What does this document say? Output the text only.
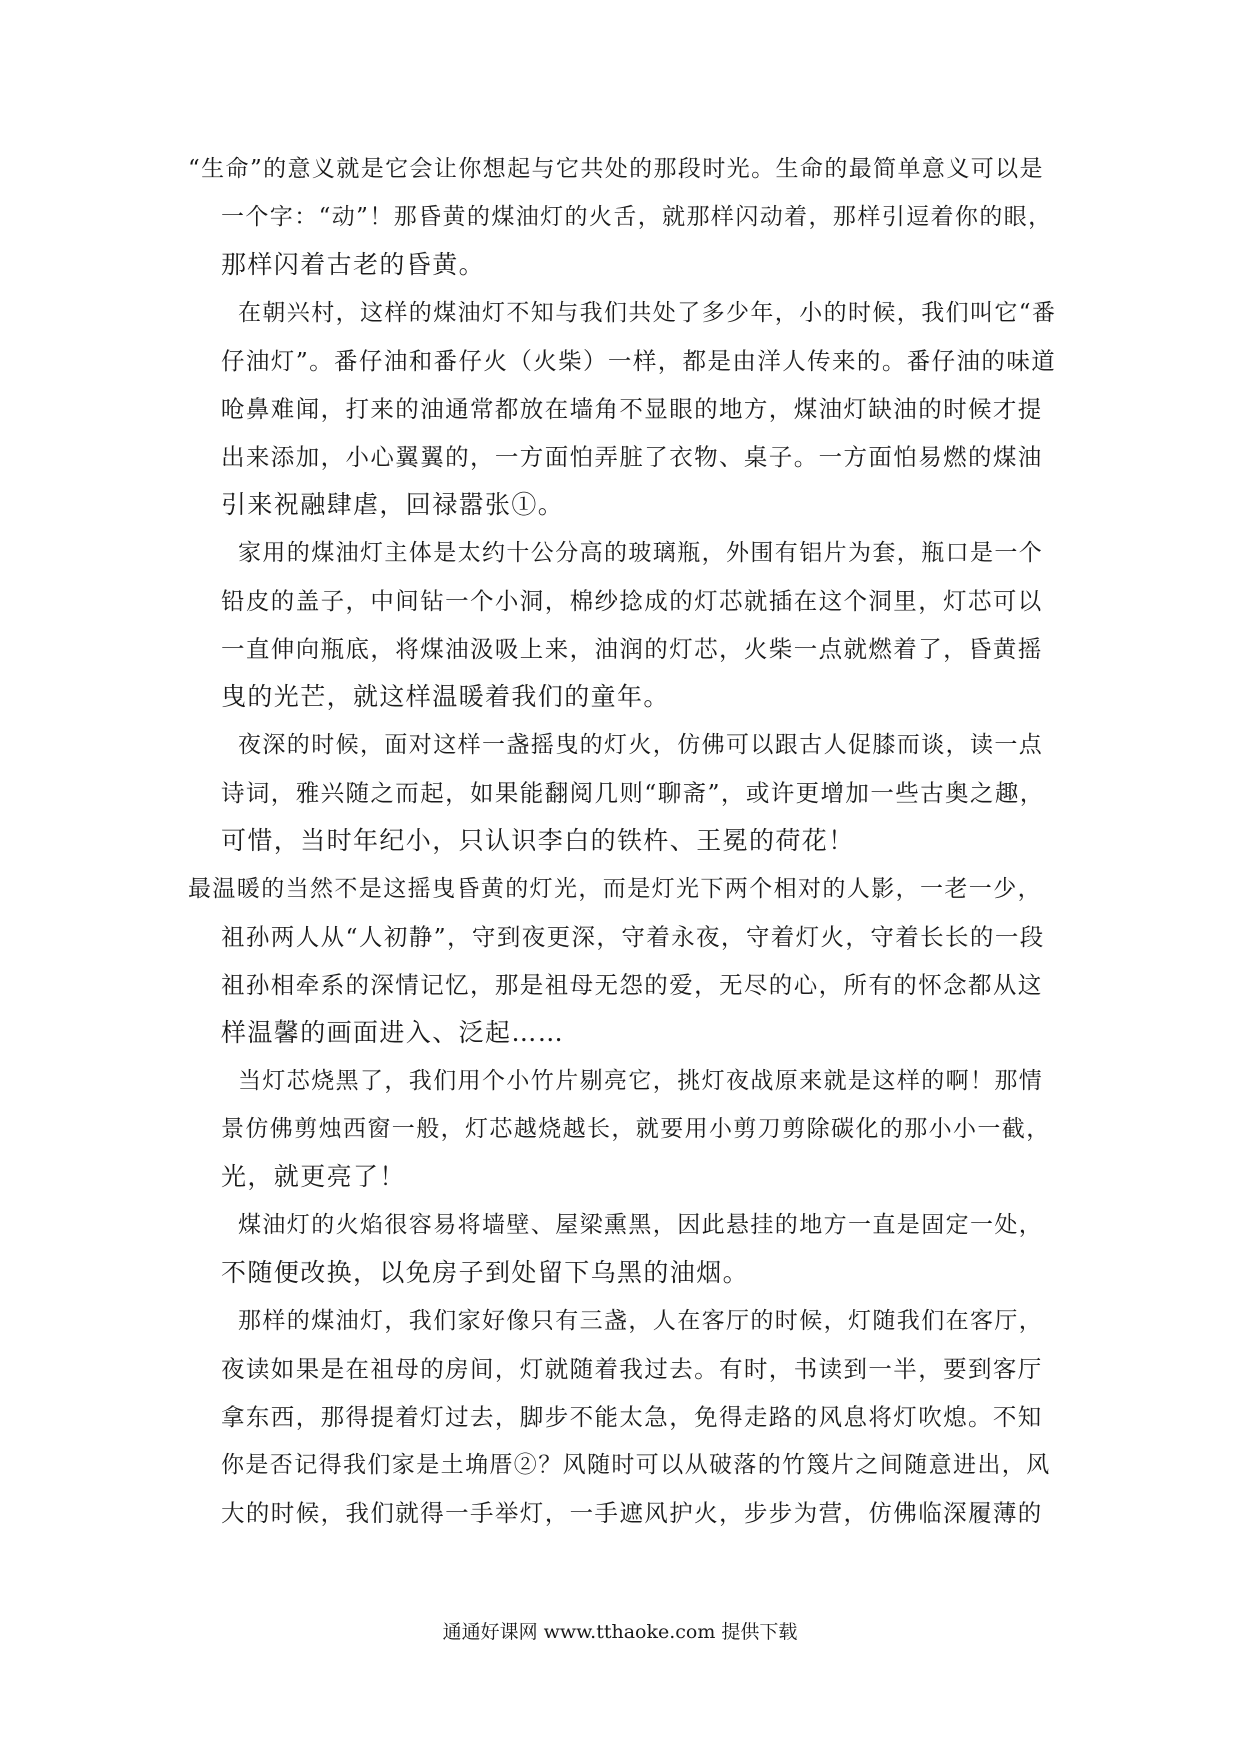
“生命”的意义就是它会让你想起与它共处的那段时光。生命的最简单意义可以是
一个字：“动”！那昏黄的煤油灯的火舌，就那样闪动着，那样引逗着你的眼，
那样闪着古老的昏黄。
在朝兴村，这样的煤油灯不知与我们共处了多少年，小的时候，我们叫它“番
仔油灯”。番仔油和番仔火（火柴）一样，都是由洋人传来的。番仔油的味道
呛鼻难闻，打来的油通常都放在墙角不显眼的地方，煤油灯缺油的时候才提
出来添加，小心翼翼的，一方面怕弄脏了衣物、桌子。一方面怕易燃的煤油
引来祝融肆虐，回禄嚣张①。
家用的煤油灯主体是太约十公分高的玻璃瓶，外围有铝片为套，瓶口是一个
铅皮的盖子，中间钻一个小洞，棉纱捻成的灯芯就插在这个洞里，灯芯可以
一直伸向瓶底，将煤油汲吸上来，油润的灯芯，火柴一点就燃着了，昏黄摇
曳的光芒，就这样温暖着我们的童年。
夜深的时候，面对这样一盏摇曳的灯火，仿佛可以跟古人促膝而谈，读一点
诗词，雅兴随之而起，如果能翻阅几则“聊斋”，或许更增加一些古奥之趣，
可惜，当时年纪小，只认识李白的铁杵、王冕的荷花！
最温暖的当然不是这摇曳昏黄的灯光，而是灯光下两个相对的人影，一老一少，
祖孙两人从“人初静”，守到夜更深，守着永夜，守着灯火，守着长长的一段
祖孙相牵系的深情记忆，那是祖母无怨的爱，无尽的心，所有的怀念都从这
样温馨的画面进入、泛起……
当灯芯烧黑了，我们用个小竹片剔亮它，挑灯夜战原来就是这样的啊！那情
景仿佛剪烛西窗一般，灯芯越烧越长，就要用小剪刀剪除碳化的那小小一截，
光，就更亮了！
煤油灯的火焰很容易将墙壁、屋梁熏黑，因此悬挂的地方一直是固定一处，
不随便改换，以免房子到处留下乌黑的油烟。
那样的煤油灯，我们家好像只有三盏，人在客厅的时候，灯随我们在客厅，
夜读如果是在祖母的房间，灯就随着我过去。有时，书读到一半，要到客厅
拿东西，那得提着灯过去，脚步不能太急，免得走路的风息将灯吹熄。不知
你是否记得我们家是土埆厝②？风随时可以从破落的竹篾片之间随意进出，风
大的时候，我们就得一手举灯，一手遮风护火，步步为营，仿佛临深履薄的
通通好课网 www.tthaoke.com 提供下载
